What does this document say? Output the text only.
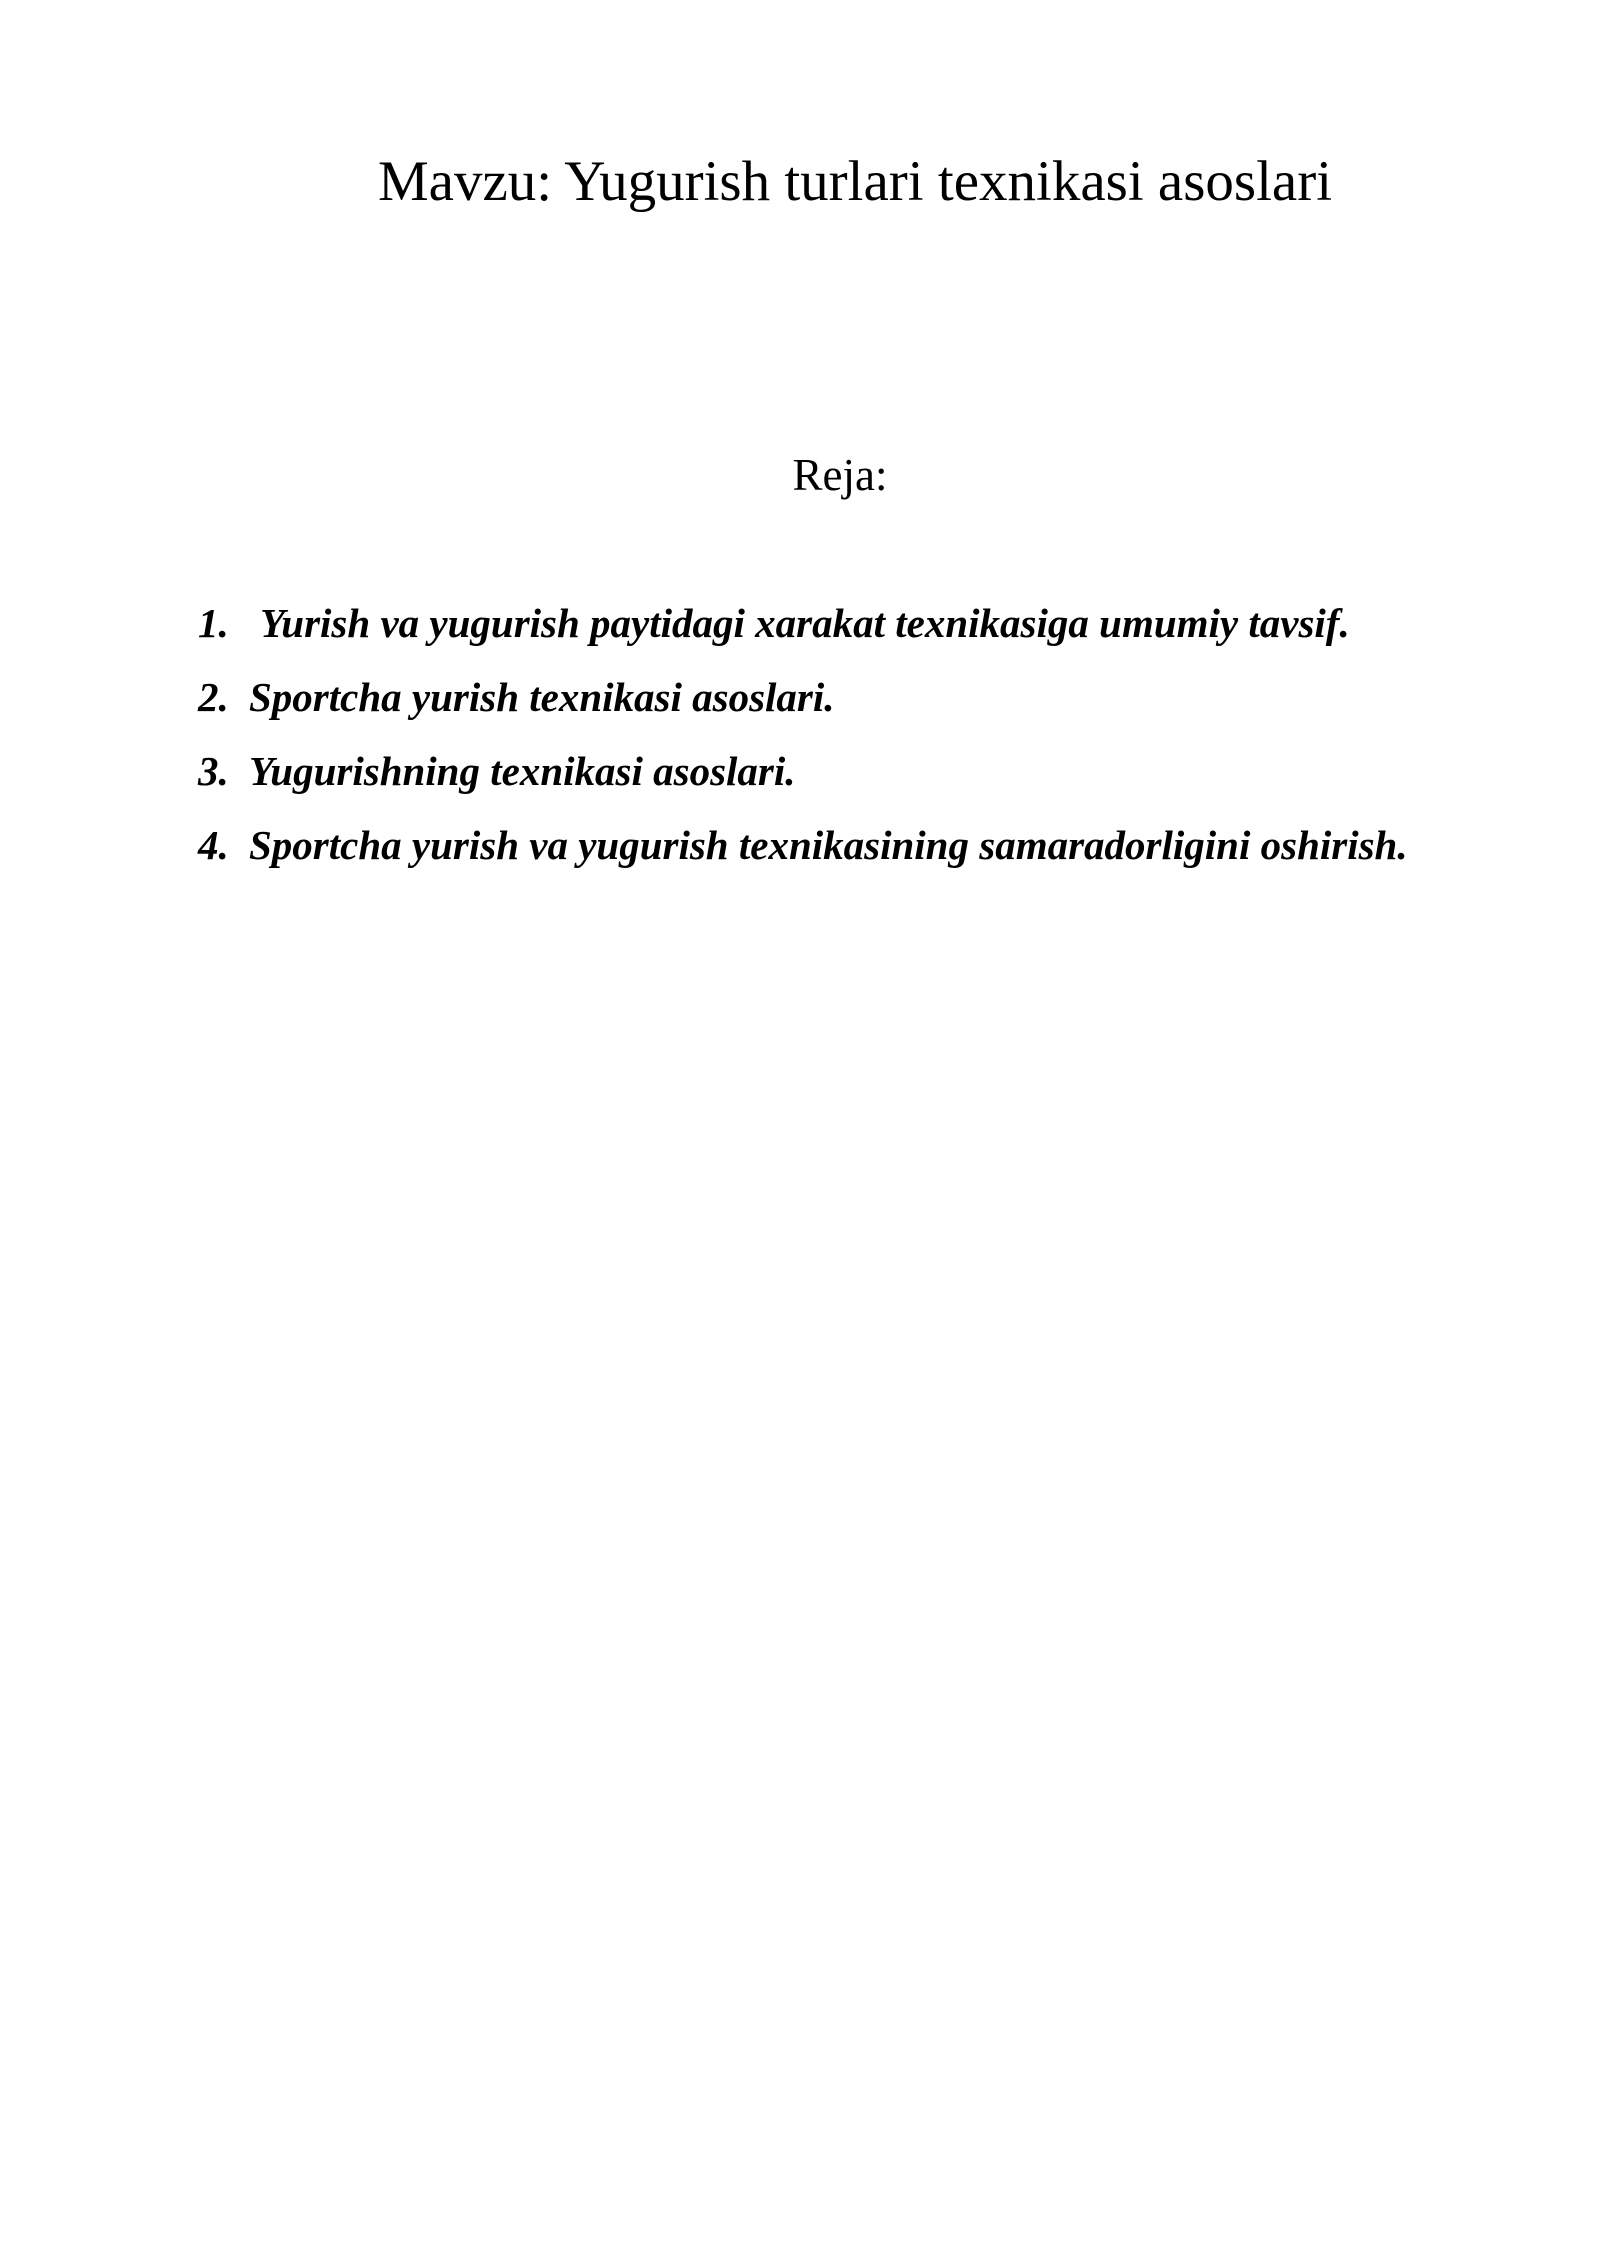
Mavzu: Yugurish turlari texnikasi asoslari
Reja:
1. Yurish va yugurish paytidagi xarakat texnikasiga umumiy tavsif.
2. Sportcha yurish texnikasi asoslari.
3. Yugurishning texnikasi asoslari.
4. Sportcha yurish va yugurish texnikasining samaradorligini oshirish.
